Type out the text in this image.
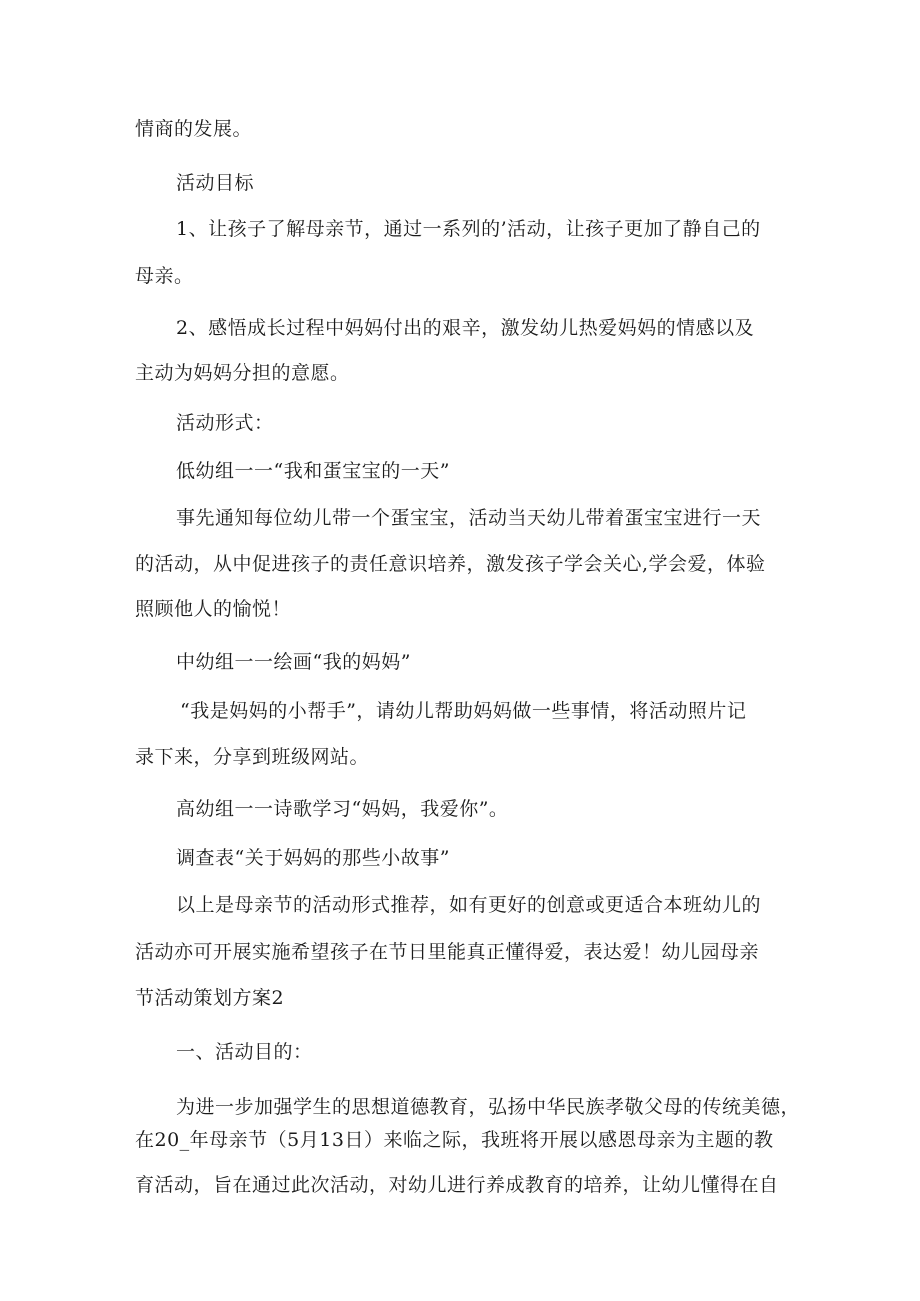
情商的发展。
活动目标
1、让孩子了解母亲节，通过一系列的’活动，让孩子更加了静自己的
母亲。
2、感悟成长过程中妈妈付出的艰辛，激发幼儿热爱妈妈的情感以及
主动为妈妈分担的意愿。
活动形式：
低幼组一一“我和蛋宝宝的一天”
事先通知每位幼儿带一个蛋宝宝，活动当天幼儿带着蛋宝宝进行一天
的活动，从中促进孩子的责任意识培养，激发孩子学会关心,学会爱，体验
照顾他人的愉悦！
中幼组一一绘画“我的妈妈”
“我是妈妈的小帮手”，请幼儿帮助妈妈做一些事情，将活动照片记
录下来，分享到班级网站。
高幼组一一诗歌学习“妈妈，我爱你”。
调查表“关于妈妈的那些小故事”
以上是母亲节的活动形式推荐，如有更好的创意或更适合本班幼儿的
活动亦可开展实施希望孩子在节日里能真正懂得爱，表达爱！幼儿园母亲
节活动策划方案2
一、活动目的：
为进一步加强学生的思想道德教育，弘扬中华民族孝敬父母的传统美德，
在20_年母亲节（5月13日）来临之际，我班将开展以感恩母亲为主题的教
育活动，旨在通过此次活动，对幼儿进行养成教育的培养，让幼儿懂得在自
